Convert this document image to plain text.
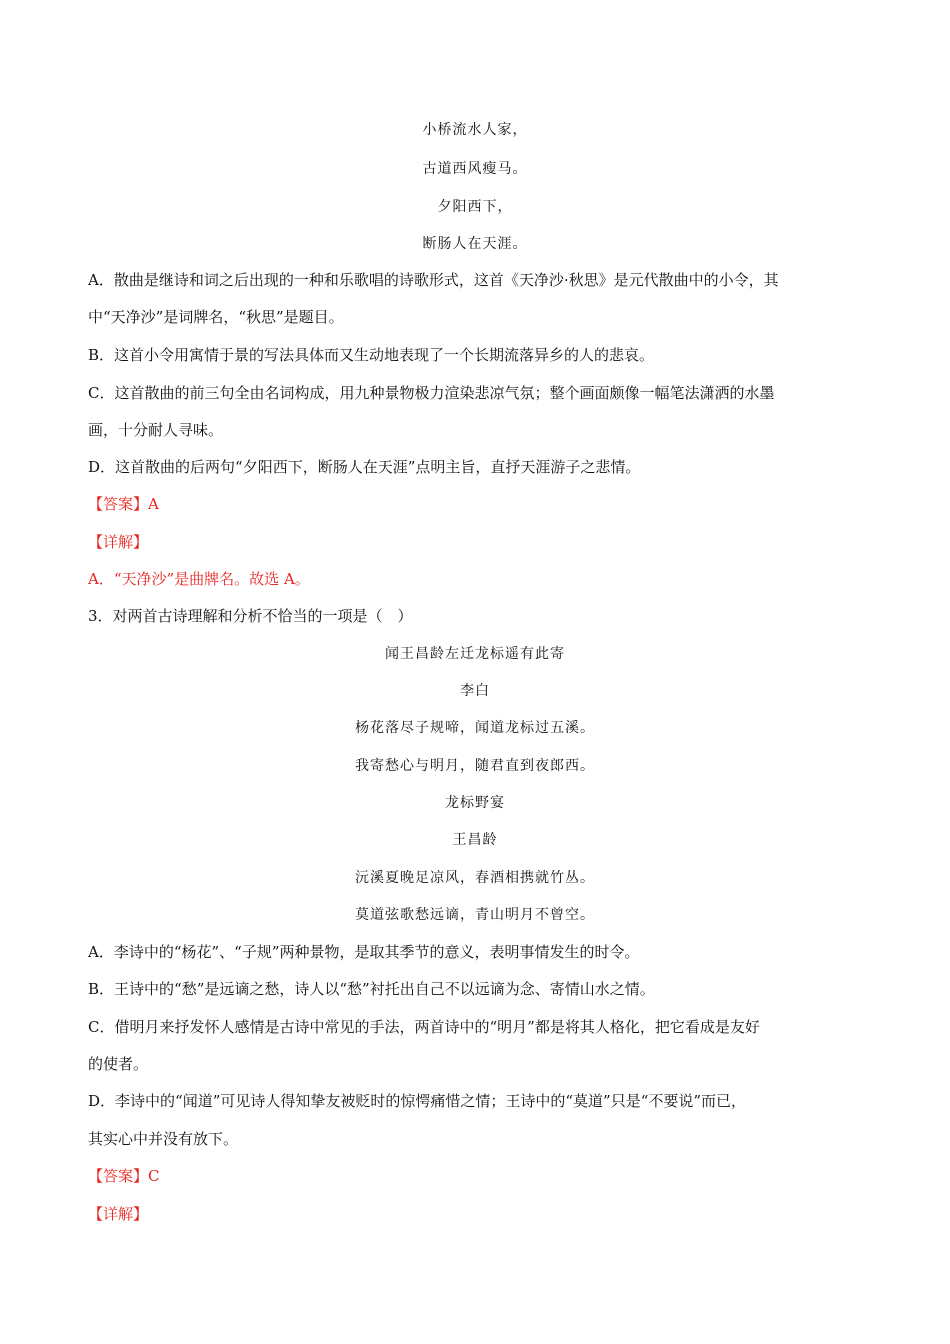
小桥流水人家，
古道西风瘦马。
夕阳西下，
断肠人在天涯。
A．散曲是继诗和词之后出现的一种和乐歌唱的诗歌形式，这首《天净沙·秋思》是元代散曲中的小令，其
中“天净沙”是词牌名，“秋思”是题目。
B．这首小令用寓情于景的写法具体而又生动地表现了一个长期流落异乡的人的悲哀。
C．这首散曲的前三句全由名词构成，用九种景物极力渲染悲凉气氛；整个画面颇像一幅笔法潇洒的水墨
画，十分耐人寻味。
D．这首散曲的后两句“夕阳西下，断肠人在天涯”点明主旨，直抒天涯游子之悲情。
【答案】A
【详解】
A．“天净沙”是曲牌名。故选 A。
3．对两首古诗理解和分析不恰当的一项是（　）
闻王昌龄左迁龙标遥有此寄
李白
杨花落尽子规啼，闻道龙标过五溪。
我寄愁心与明月，随君直到夜郎西。
龙标野宴
王昌龄
沅溪夏晚足凉风，春酒相携就竹丛。
莫道弦歌愁远谪，青山明月不曾空。
A．李诗中的“杨花”、“子规”两种景物，是取其季节的意义，表明事情发生的时令。
B．王诗中的“愁”是远谪之愁，诗人以“愁”衬托出自己不以远谪为念、寄情山水之情。
C．借明月来抒发怀人感情是古诗中常见的手法，两首诗中的“明月”都是将其人格化，把它看成是友好
的使者。
D．李诗中的“闻道”可见诗人得知挚友被贬时的惊愕痛惜之情；王诗中的“莫道”只是“不要说”而已，
其实心中并没有放下。
【答案】C
【详解】
